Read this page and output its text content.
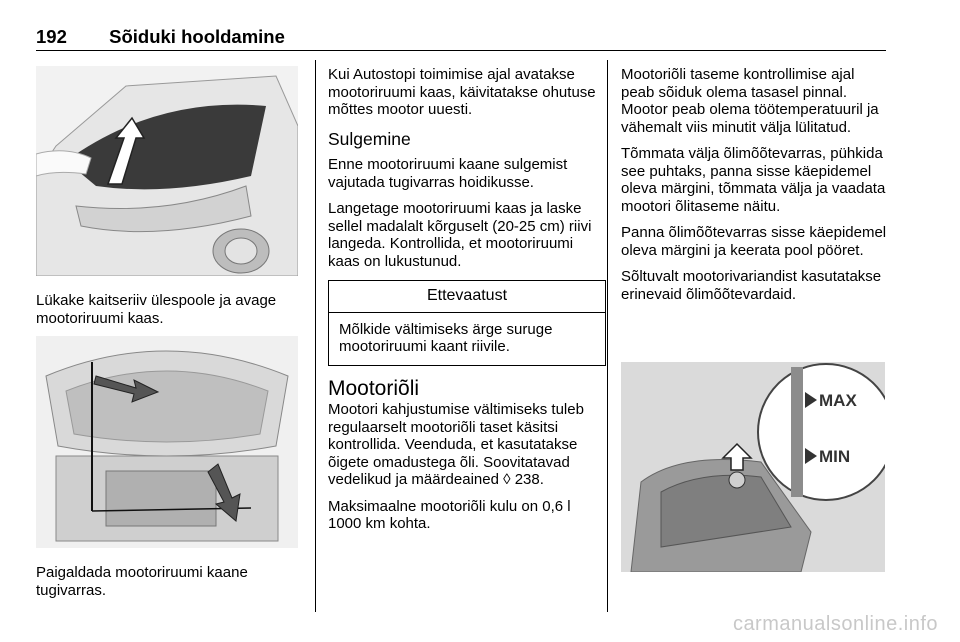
192 Sõiduki hooldamine
Lükake kaitseriiv ülespoole ja avage mootoriruumi kaas.
Paigaldada mootoriruumi kaane tugivarras.

Kui Autostopi toimimise ajal avatakse mootoriruumi kaas, käivitatakse ohutuse mõttes mootor uuesti.

Sulgemine

Enne mootoriruumi kaane sulgemist vajutada tugivarras hoidikusse.

Langetage mootoriruumi kaas ja laske sellel madalalt kõrguselt (20-25 cm) riivi langeda. Kontrollida, et mootoriruumi kaas on lukustunud.

Ettevaatust
Mõlkide vältimiseks ärge suruge mootoriruumi kaant riivile.
Mootoriõli

Mootori kahjustumise vältimiseks tuleb regulaarselt mootoriõli taset käsitsi kontrollida. Veenduda, et kasutatakse õigete omadustega õli. Soovitatavad vedelikud ja määrdeained ◊ 238.

Maksimaalne mootoriõli kulu on 0,6 l 1000 km kohta.

Mootoriõli taseme kontrollimise ajal peab sõiduk olema tasasel pinnal. Mootor peab olema töötemperatuuril ja vähemalt viis minutit välja lülitatud.

Tõmmata välja õlimõõtevarras, pühkida see puhtaks, panna sisse käepidemel oleva märgini, tõmmata välja ja vaadata mootori õlitaseme näitu.

Panna õlimõõtevarras sisse käepidemel oleva märgini ja keerata pool pööret.

Sõltuvalt mootorivariandist kasutatakse erinevaid õlimõõtevardaid.

MAX
MIN
carmanualsonline.info
